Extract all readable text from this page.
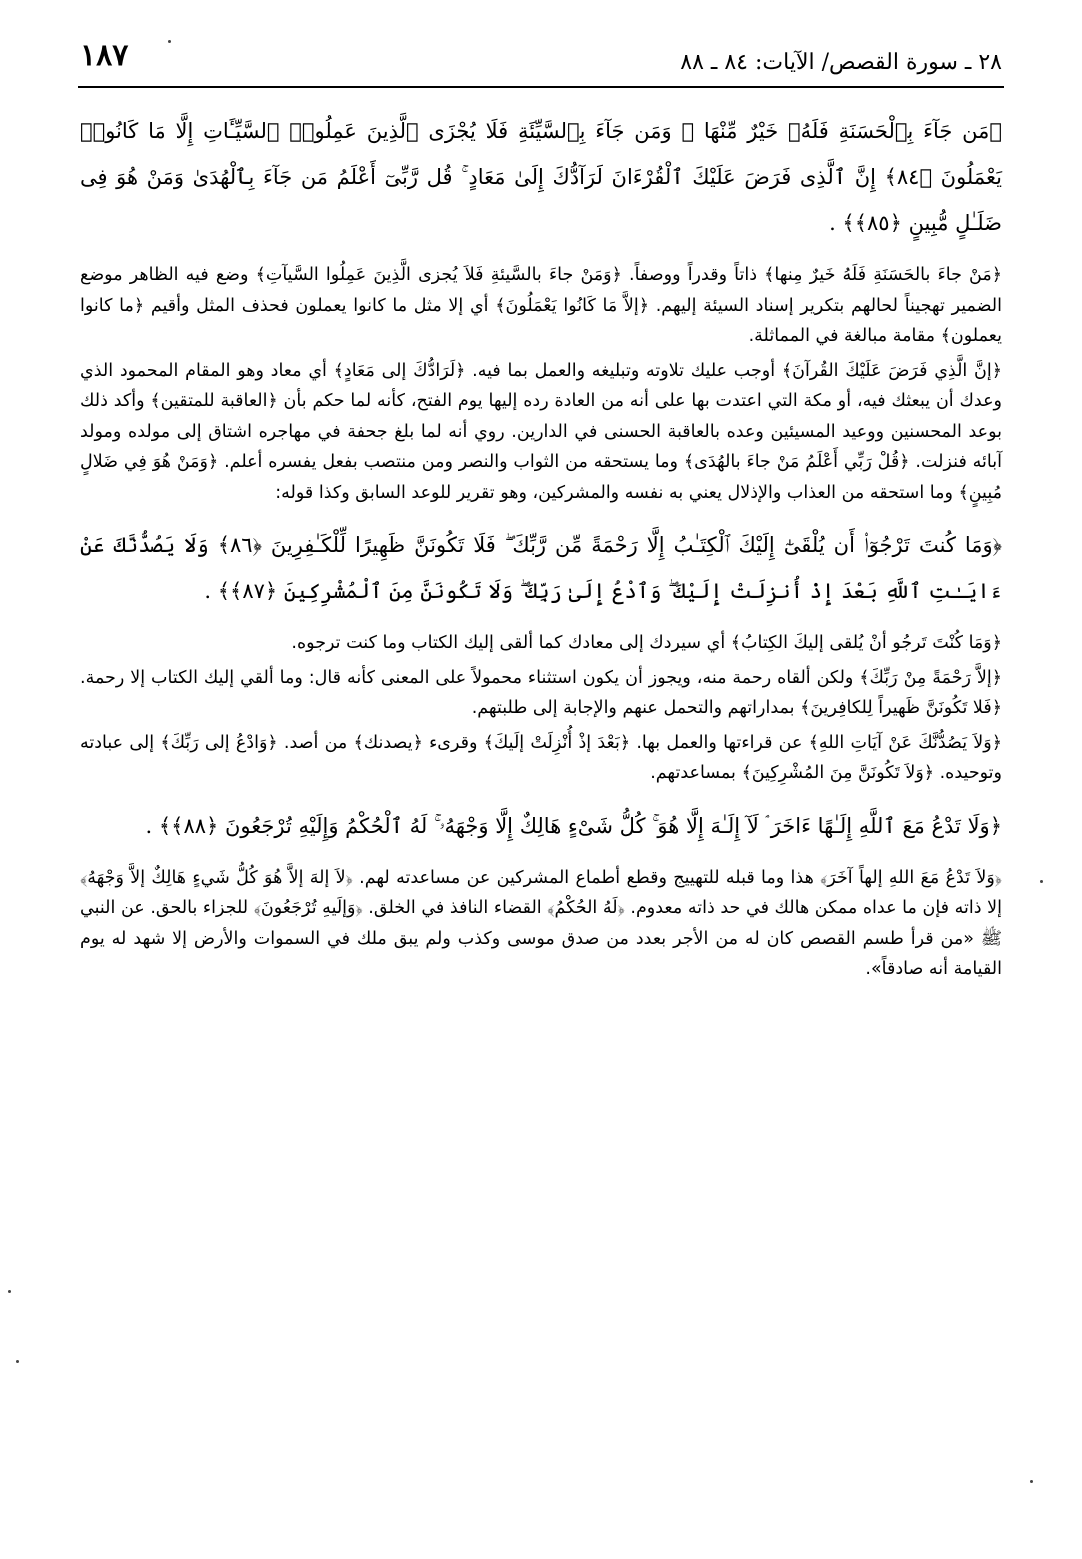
٢٨ ـ سورة القصص/ الآيات: ٨٤ ـ ٨٨
١٨٧

﴿مَن جَآءَ بِٱلْحَسَنَةِ فَلَهُۥ خَيْرٌ مِّنْهَا ۖ وَمَن جَآءَ بِٱلسَّيِّئَةِ فَلَا يُجْزَى ٱلَّذِينَ عَمِلُوا۟ ٱلسَّيِّـَٔاتِ إِلَّا مَا كَانُوا۟ يَعْمَلُونَ ﴿٨٤﴾ إِنَّ ٱلَّذِى فَرَضَ عَلَيْكَ ٱلْقُرْءَانَ لَرَآدُّكَ إِلَىٰ مَعَادٍ ۚ قُل رَّبِّىٓ أَعْلَمُ مَن جَآءَ بِٱلْهُدَىٰ وَمَنْ هُوَ فِى ضَلَـٰلٍ مُّبِينٍ ﴿٨٥﴾﴾ .

﴿مَنْ جاءَ بالحَسَنَةِ فَلَهُ خَيرٌ مِنها﴾ ذاتاً وقدراً ووصفاً. ﴿وَمَنْ جاءَ بالسَّيئةِ فَلاَ يُجزى الَّذِينَ عَمِلُوا السَّيآتِ﴾ وضع فيه الظاهر موضع الضمير تهجيناً لحالهم بتكرير إسناد السيئة إليهم. ﴿إلاَّ مَا كَانُوا يَعْمَلُونَ﴾ أي إلا مثل ما كانوا يعملون فحذف المثل وأقيم ﴿ما كانوا يعملون﴾ مقامة مبالغة في المماثلة.

﴿إنَّ الَّذِي فَرَضَ عَلَيْكَ القُرآنَ﴾ أوجب عليك تلاوته وتبليغه والعمل بما فيه. ﴿لَرَادُّكَ إلى مَعَادٍ﴾ أي معاد وهو المقام المحمود الذي وعدك أن يبعثك فيه، أو مكة التي اعتدت بها على أنه من العادة رده إليها يوم الفتح، كأنه لما حكم بأن ﴿العاقبة للمتقين﴾ وأكد ذلك بوعد المحسنين ووعيد المسيئين وعده بالعاقبة الحسنى في الدارين. روي أنه لما بلغ جحفة في مهاجره اشتاق إلى مولده ومولد آبائه فنزلت. ﴿قُلْ رَبِّي أَعْلَمُ مَنْ جاءَ بالهُدَى﴾ وما يستحقه من الثواب والنصر ومن منتصب بفعل يفسره أعلم. ﴿وَمَنْ هُوَ فِي ضَلالٍ مُبِينٍ﴾ وما استحقه من العذاب والإذلال يعني به نفسه والمشركين، وهو تقرير للوعد السابق وكذا قوله:

﴿وَمَا كُنتَ تَرْجُوٓا۟ أَن يُلْقَىٰٓ إِلَيْكَ ٱلْكِتَـٰبُ إِلَّا رَحْمَةً مِّن رَّبِّكَ ۖ فَلَا تَكُونَنَّ ظَهِيرًا لِّلْكَـٰفِرِينَ ﴿٨٦﴾ وَلَا يَصُدُّنَّكَ عَنْ ءَايَـٰتِ ٱللَّهِ بَعْدَ إِذْ أُنزِلَتْ إِلَيْكَ ۖ وَٱدْعُ إِلَىٰ رَبِّكَ ۖ وَلَا تَكُونَنَّ مِنَ ٱلْمُشْرِكِينَ ﴿٨٧﴾﴾ .

﴿وَمَا كُنْتَ تَرجُو أنْ يُلقى إليكَ الكِتابُ﴾ أي سيردك إلى معادك كما ألقى إليك الكتاب وما كنت ترجوه.

﴿إلاَّ رَحْمَةً مِنْ رَبِّكَ﴾ ولكن ألقاه رحمة منه، ويجوز أن يكون استثناء محمولاً على المعنى كأنه قال: وما ألقي إليك الكتاب إلا رحمة. ﴿فَلا تَكُونَنَّ ظَهيراً لِلكافِرينَ﴾ بمداراتهم والتحمل عنهم والإجابة إلى طلبتهم.

﴿وَلاَ يَصُدُّنَّكَ عَنْ آيَاتِ اللهِ﴾ عن قراءتها والعمل بها. ﴿بَعْدَ إذْ أُنْزِلَتْ إلَيكَ﴾ وقرىء ﴿يصدنك﴾ من أصد. ﴿وَادْعُ إلى رَبِّكَ﴾ إلى عبادته وتوحيده. ﴿وَلاَ تَكُونَنَّ مِنَ المُشْرِكِينَ﴾ بمساعدتهم.

﴿وَلَا تَدْعُ مَعَ ٱللَّهِ إِلَـٰهًا ءَاخَرَ ۘ لَآ إِلَـٰهَ إِلَّا هُوَ ۚ كُلُّ شَىْءٍ هَالِكٌ إِلَّا وَجْهَهُۥ ۚ لَهُ ٱلْحُكْمُ وَإِلَيْهِ تُرْجَعُونَ ﴿٨٨﴾﴾ .

﴿وَلاَ تَدْعُ مَعَ اللهِ إلهاً آخَرَ﴾ هذا وما قبله للتهييج وقطع أطماع المشركين عن مساعدته لهم. ﴿لاَ إلهَ إلاَّ هُوَ كُلُّ شَيءٍ هَالِكٌ إلاَّ وَجْهَهُ﴾ إلا ذاته فإن ما عداه ممكن هالك في حد ذاته معدوم. ﴿لَهُ الحُكْمُ﴾ القضاء النافذ في الخلق. ﴿وَإلَيهِ تُرْجَعُونَ﴾ للجزاء بالحق. عن النبي ﷺ «من قرأ طسم القصص كان له من الأجر بعدد من صدق موسى وكذب ولم يبق ملك في السموات والأرض إلا شهد له يوم القيامة أنه صادقاً».
